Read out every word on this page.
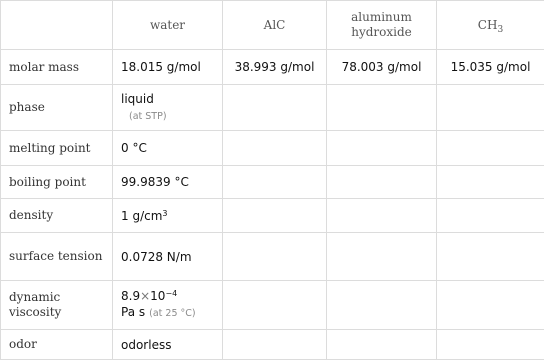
	water	AlC	aluminum hydroxide	$CH_3$
molar mass	18.015 g/mol	38.993 g/mol	78.003 g/mol	15.035 g/mol
phase	liquid
(at STP)			
melting point	0 °C			
boiling point	99.9839 °C			
density	1 $g/cm^3$			
surface tension	0.0728 N/m			
dynamic viscosity	$8.9\times 10^{-4}$
Pa s (at 25 °C)			

odor	odorless			
